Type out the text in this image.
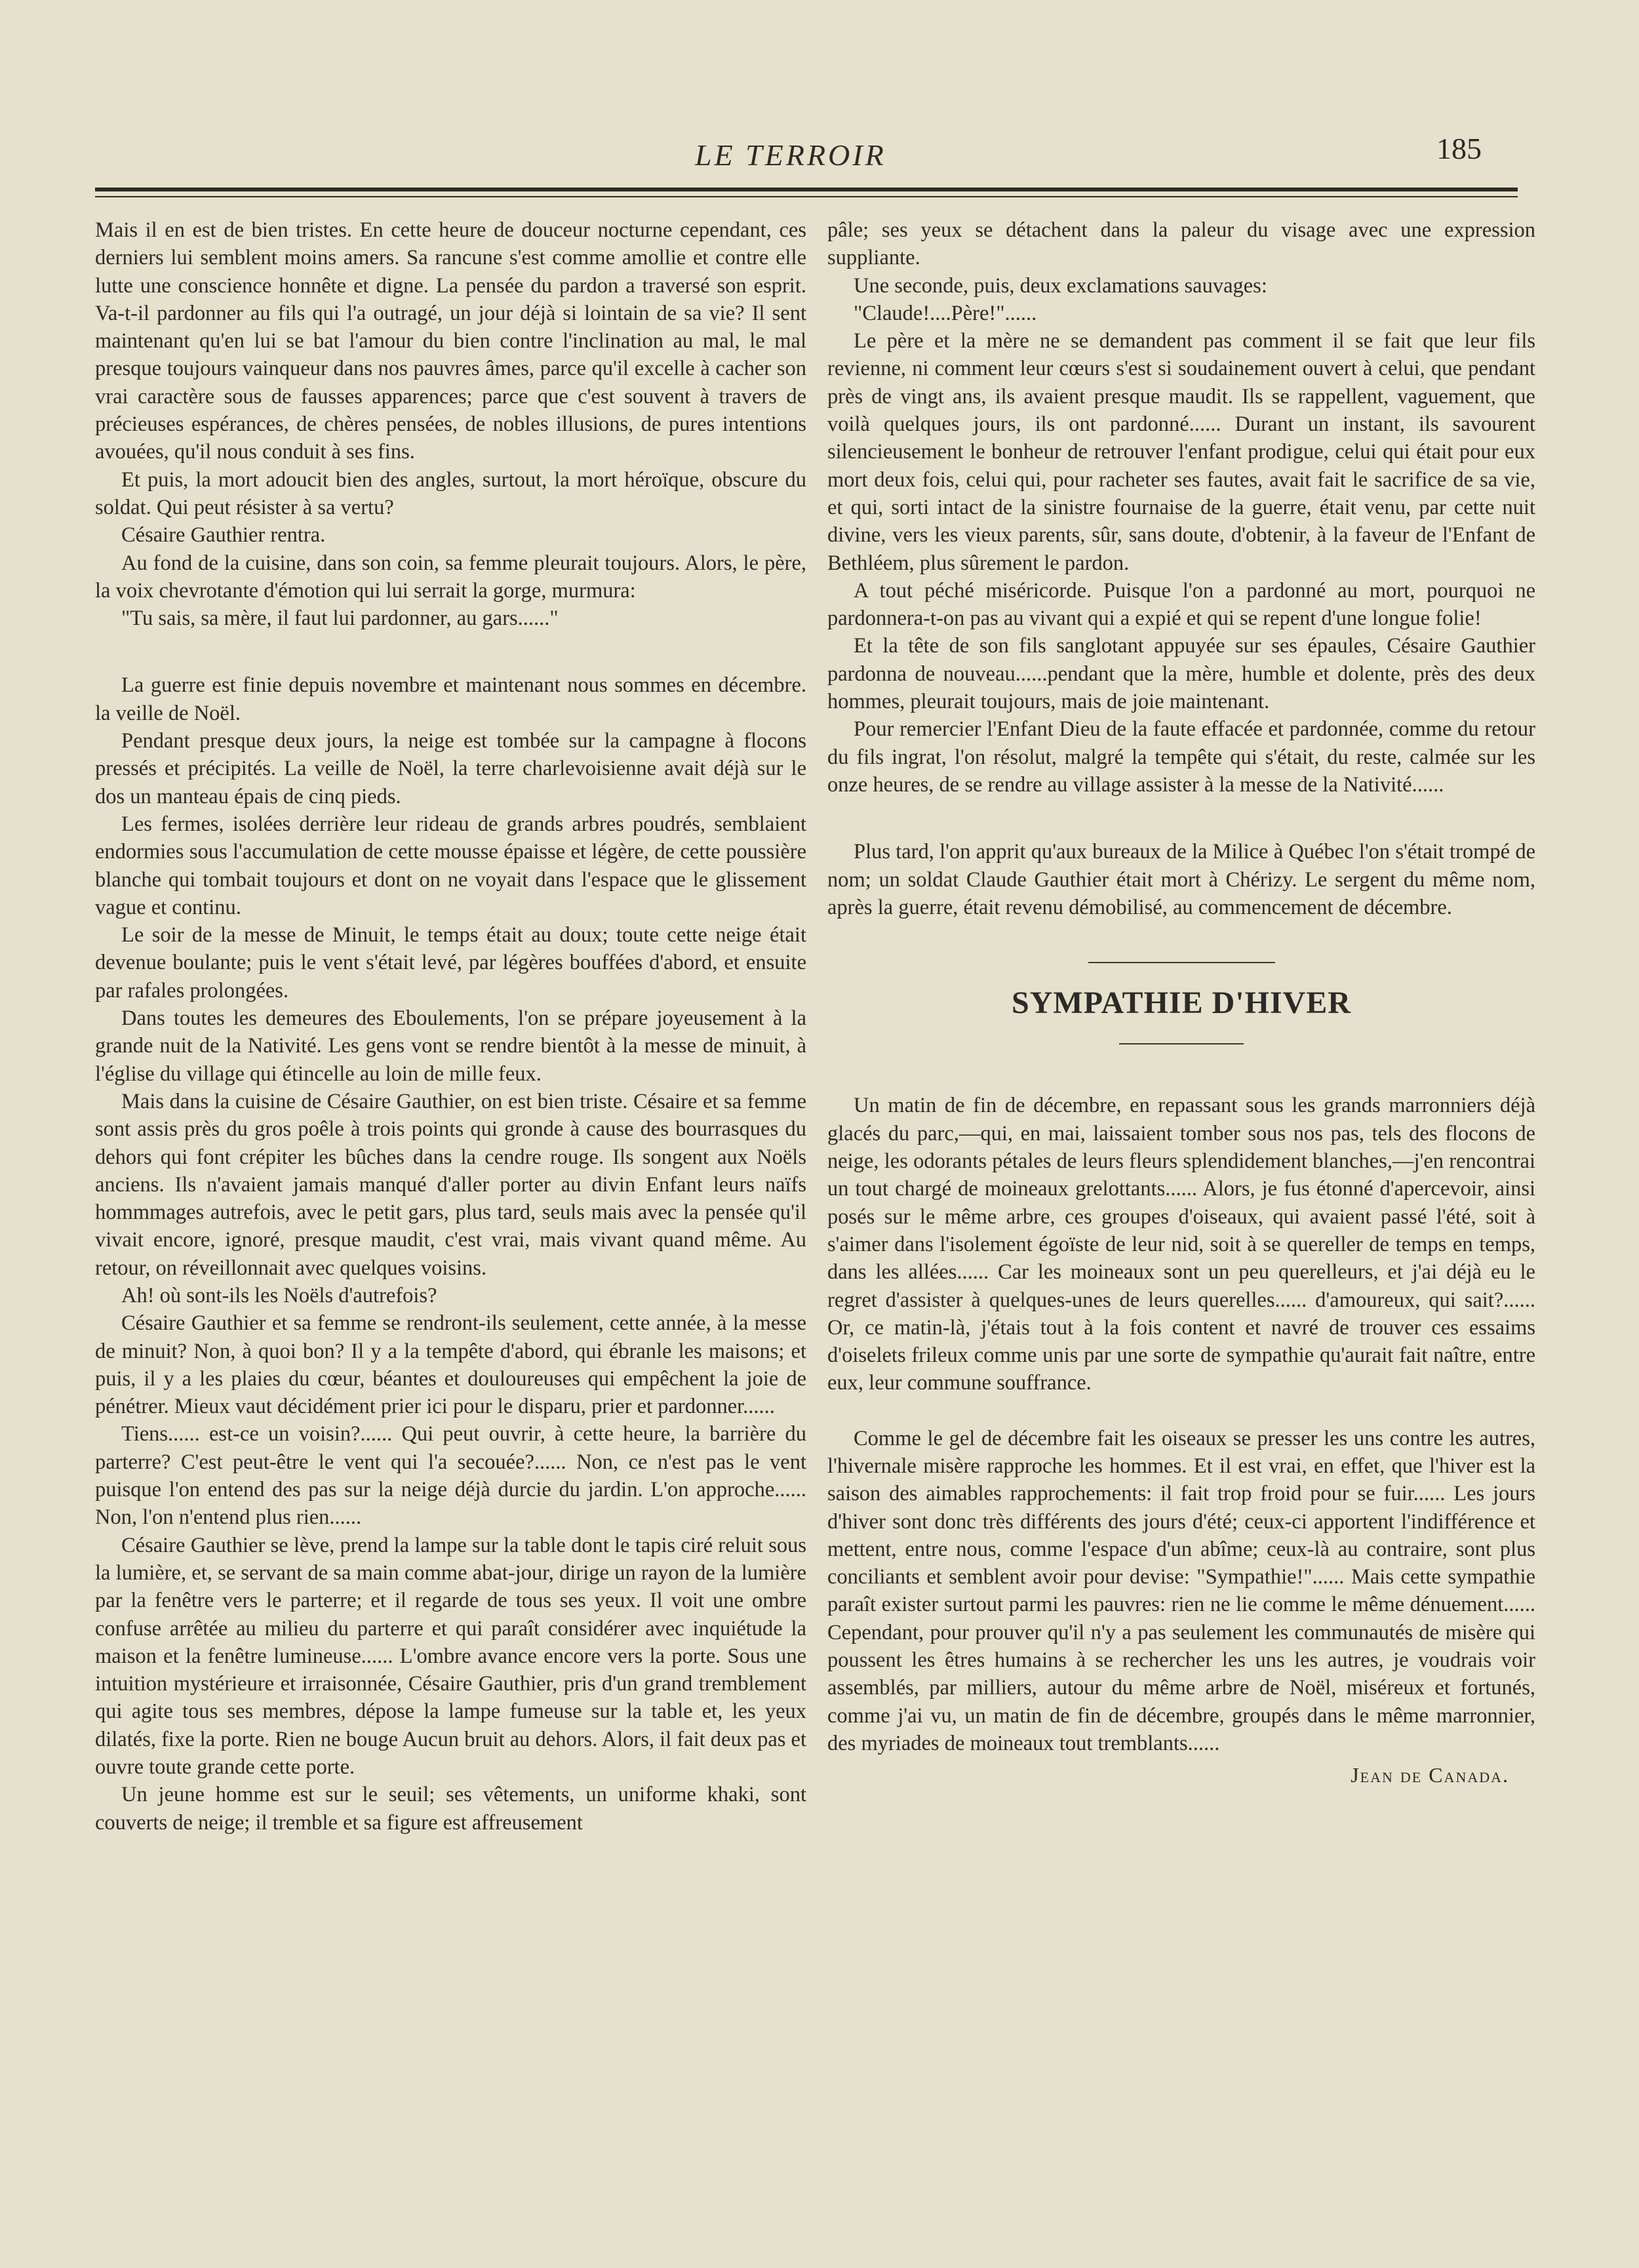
LE TERROIR	185

Mais il en est de bien tristes. En cette heure de douceur nocturne cependant, ces derniers lui semblent moins amers. Sa rancune s'est comme amollie et contre elle lutte une conscience honnête et digne. La pensée du pardon a traversé son esprit. Va-t-il pardonner au fils qui l'a outragé, un jour déjà si lointain de sa vie? Il sent maintenant qu'en lui se bat l'amour du bien contre l'inclination au mal, le mal presque toujours vainqueur dans nos pauvres âmes, parce qu'il excelle à cacher son vrai caractère sous de fausses apparences; parce que c'est souvent à travers de précieuses espérances, de chères pensées, de nobles illusions, de pures intentions avouées, qu'il nous conduit à ses fins.

Et puis, la mort adoucit bien des angles, surtout, la mort héroïque, obscure du soldat. Qui peut résister à sa vertu?

Césaire Gauthier rentra.

Au fond de la cuisine, dans son coin, sa femme pleurait toujours. Alors, le père, la voix chevrotante d'émotion qui lui serrait la gorge, murmura:

"Tu sais, sa mère, il faut lui pardonner, au gars......"

La guerre est finie depuis novembre et maintenant nous sommes en décembre. la veille de Noël.

Pendant presque deux jours, la neige est tombée sur la campagne à flocons pressés et précipités. La veille de Noël, la terre charlevoisienne avait déjà sur le dos un manteau épais de cinq pieds.

Les fermes, isolées derrière leur rideau de grands arbres poudrés, semblaient endormies sous l'accumulation de cette mousse épaisse et légère, de cette poussière blanche qui tombait toujours et dont on ne voyait dans l'espace que le glissement vague et continu.

Le soir de la messe de Minuit, le temps était au doux; toute cette neige était devenue boulante; puis le vent s'était levé, par légères bouffées d'abord, et ensuite par rafales prolongées.

Dans toutes les demeures des Eboulements, l'on se prépare joyeusement à la grande nuit de la Nativité. Les gens vont se rendre bientôt à la messe de minuit, à l'église du village qui étincelle au loin de mille feux.

Mais dans la cuisine de Césaire Gauthier, on est bien triste. Césaire et sa femme sont assis près du gros poêle à trois points qui gronde à cause des bourrasques du dehors qui font crépiter les bûches dans la cendre rouge. Ils songent aux Noëls anciens. Ils n'avaient jamais manqué d'aller porter au divin Enfant leurs naïfs hommmages autrefois, avec le petit gars, plus tard, seuls mais avec la pensée qu'il vivait encore, ignoré, presque maudit, c'est vrai, mais vivant quand même. Au retour, on réveillonnait avec quelques voisins.

Ah! où sont-ils les Noëls d'autrefois?

Césaire Gauthier et sa femme se rendront-ils seulement, cette année, à la messe de minuit? Non, à quoi bon? Il y a la tempête d'abord, qui ébranle les maisons; et puis, il y a les plaies du cœur, béantes et douloureuses qui empêchent la joie de pénétrer. Mieux vaut décidément prier ici pour le disparu, prier et pardonner......

Tiens...... est-ce un voisin?...... Qui peut ouvrir, à cette heure, la barrière du parterre? C'est peut-être le vent qui l'a secouée?...... Non, ce n'est pas le vent puisque l'on entend des pas sur la neige déjà durcie du jardin. L'on approche...... Non, l'on n'entend plus rien......

Césaire Gauthier se lève, prend la lampe sur la table dont le tapis ciré reluit sous la lumière, et, se servant de sa main comme abat-jour, dirige un rayon de la lumière par la fenêtre vers le parterre; et il regarde de tous ses yeux. Il voit une ombre confuse arrêtée au milieu du parterre et qui paraît considérer avec inquiétude la maison et la fenêtre lumineuse...... L'ombre avance encore vers la porte. Sous une intuition mystérieure et irraisonnée, Césaire Gauthier, pris d'un grand tremblement qui agite tous ses membres, dépose la lampe fumeuse sur la table et, les yeux dilatés, fixe la porte. Rien ne bouge Aucun bruit au dehors. Alors, il fait deux pas et ouvre toute grande cette porte.

Un jeune homme est sur le seuil; ses vêtements, un uniforme khaki, sont couverts de neige; il tremble et sa figure est affreusement

pâle; ses yeux se détachent dans la paleur du visage avec une expression suppliante.

Une seconde, puis, deux exclamations sauvages:

"Claude!....Père!"......

Le père et la mère ne se demandent pas comment il se fait que leur fils revienne, ni comment leur cœurs s'est si soudainement ouvert à celui, que pendant près de vingt ans, ils avaient presque maudit. Ils se rappellent, vaguement, que voilà quelques jours, ils ont pardonné...... Durant un instant, ils savourent silencieusement le bonheur de retrouver l'enfant prodigue, celui qui était pour eux mort deux fois, celui qui, pour racheter ses fautes, avait fait le sacrifice de sa vie, et qui, sorti intact de la sinistre fournaise de la guerre, était venu, par cette nuit divine, vers les vieux parents, sûr, sans doute, d'obtenir, à la faveur de l'Enfant de Bethléem, plus sûrement le pardon.

A tout péché miséricorde. Puisque l'on a pardonné au mort, pourquoi ne pardonnera-t-on pas au vivant qui a expié et qui se repent d'une longue folie!

Et la tête de son fils sanglotant appuyée sur ses épaules, Césaire Gauthier pardonna de nouveau......pendant que la mère, humble et dolente, près des deux hommes, pleurait toujours, mais de joie maintenant.

Pour remercier l'Enfant Dieu de la faute effacée et pardonnée, comme du retour du fils ingrat, l'on résolut, malgré la tempête qui s'était, du reste, calmée sur les onze heures, de se rendre au village assister à la messe de la Nativité......

Plus tard, l'on apprit qu'aux bureaux de la Milice à Québec l'on s'était trompé de nom; un soldat Claude Gauthier était mort à Chérizy. Le sergent du même nom, après la guerre, était revenu démobilisé, au commencement de décembre.

SYMPATHIE D'HIVER

Un matin de fin de décembre, en repassant sous les grands marronniers déjà glacés du parc,—qui, en mai, laissaient tomber sous nos pas, tels des flocons de neige, les odorants pétales de leurs fleurs splendidement blanches,—j'en rencontrai un tout chargé de moineaux grelottants...... Alors, je fus étonné d'apercevoir, ainsi posés sur le même arbre, ces groupes d'oiseaux, qui avaient passé l'été, soit à s'aimer dans l'isolement égoïste de leur nid, soit à se quereller de temps en temps, dans les allées...... Car les moineaux sont un peu querelleurs, et j'ai déjà eu le regret d'assister à quelques-unes de leurs querelles...... d'amoureux, qui sait?...... Or, ce matin-là, j'étais tout à la fois content et navré de trouver ces essaims d'oiselets frileux comme unis par une sorte de sympathie qu'aurait fait naître, entre eux, leur commune souffrance.

Comme le gel de décembre fait les oiseaux se presser les uns contre les autres, l'hivernale misère rapproche les hommes. Et il est vrai, en effet, que l'hiver est la saison des aimables rapprochements: il fait trop froid pour se fuir...... Les jours d'hiver sont donc très différents des jours d'été; ceux-ci apportent l'indifférence et mettent, entre nous, comme l'espace d'un abîme; ceux-là au contraire, sont plus conciliants et semblent avoir pour devise: "Sympathie!"...... Mais cette sympathie paraît exister surtout parmi les pauvres: rien ne lie comme le même dénuement...... Cependant, pour prouver qu'il n'y a pas seulement les communautés de misère qui poussent les êtres humains à se rechercher les uns les autres, je voudrais voir assemblés, par milliers, autour du même arbre de Noël, miséreux et fortunés, comme j'ai vu, un matin de fin de décembre, groupés dans le même marronnier, des myriades de moineaux tout tremblants......

Jean de Canada.
